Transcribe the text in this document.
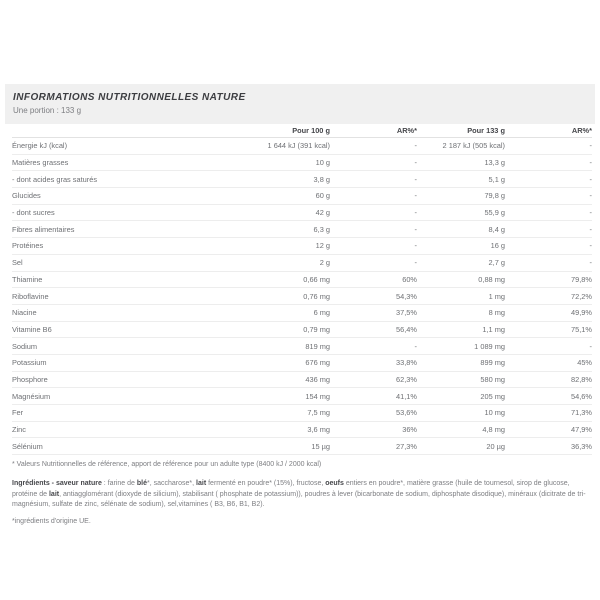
INFORMATIONS NUTRITIONNELLES NATURE
Une portion : 133 g
Pour 100 g	AR%*	Pour 133 g	AR%*
Énergie kJ (kcal)	1 644 kJ (391 kcal)	-	2 187 kJ (505 kcal)	-
Matières grasses	10 g	-	13,3 g	-
- dont acides gras saturés	3,8 g	-	5,1 g	-
Glucides	60 g	-	79,8 g	-
- dont sucres	42 g	-	55,9 g	-
Fibres alimentaires	6,3 g	-	8,4 g	-
Protéines	12 g	-	16 g	-
Sel	2 g	-	2,7 g	-
Thiamine	0,66 mg	60%	0,88 mg	79,8%
Riboflavine	0,76 mg	54,3%	1 mg	72,2%
Niacine	6 mg	37,5%	8 mg	49,9%
Vitamine B6	0,79 mg	56,4%	1,1 mg	75,1%
Sodium	819 mg	-	1 089 mg	-
Potassium	676 mg	33,8%	899 mg	45%
Phosphore	436 mg	62,3%	580 mg	82,8%
Magnésium	154 mg	41,1%	205 mg	54,6%
Fer	7,5 mg	53,6%	10 mg	71,3%
Zinc	3,6 mg	36%	4,8 mg	47,9%
Sélénium	15 µg	27,3%	20 µg	36,3%
* Valeurs Nutritionnelles de référence, apport de référence pour un adulte type (8400 kJ / 2000 kcal)

Ingrédients - saveur nature : farine de blé*, saccharose*, lait fermenté en poudre* (15%), fructose, oeufs entiers en poudre*, matière grasse (huile de tournesol, sirop de glucose, protéine de lait, antiagglomérant (dioxyde de silicium), stabilisant ( phosphate de potassium)), poudres à lever (bicarbonate de sodium, diphosphate disodique), minéraux (dicitrate de tri-magnésium, sulfate de zinc, sélénate de sodium), sel,vitamines ( B3, B6, B1, B2).

*ingrédients d'origine UE.
